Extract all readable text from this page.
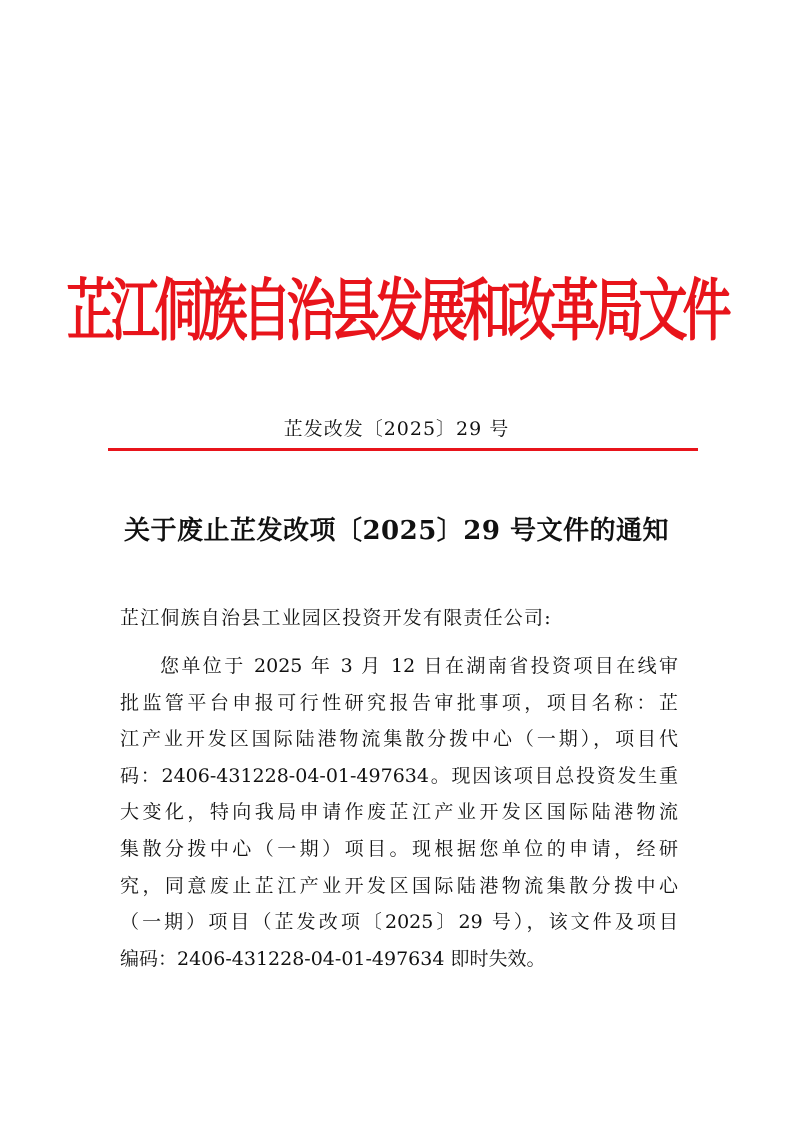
芷江侗族自治县发展和改革局文件
芷发改发〔2025〕29 号
关于废止芷发改项〔2025〕29 号文件的通知
芷江侗族自治县工业园区投资开发有限责任公司:
您单位于 2025 年 3 月 12 日在湖南省投资项目在线审
批监管平台申报可行性研究报告审批事项，项目名称：芷
江产业开发区国际陆港物流集散分拨中心（一期），项目代
码：2406-431228-04-01-497634。现因该项目总投资发生重
大变化，特向我局申请作废芷江产业开发区国际陆港物流
集散分拨中心（一期）项目。现根据您单位的申请，经研
究，同意废止芷江产业开发区国际陆港物流集散分拨中心
（一期）项目（芷发改项〔2025〕29 号），该文件及项目
编码：2406-431228-04-01-497634 即时失效。
